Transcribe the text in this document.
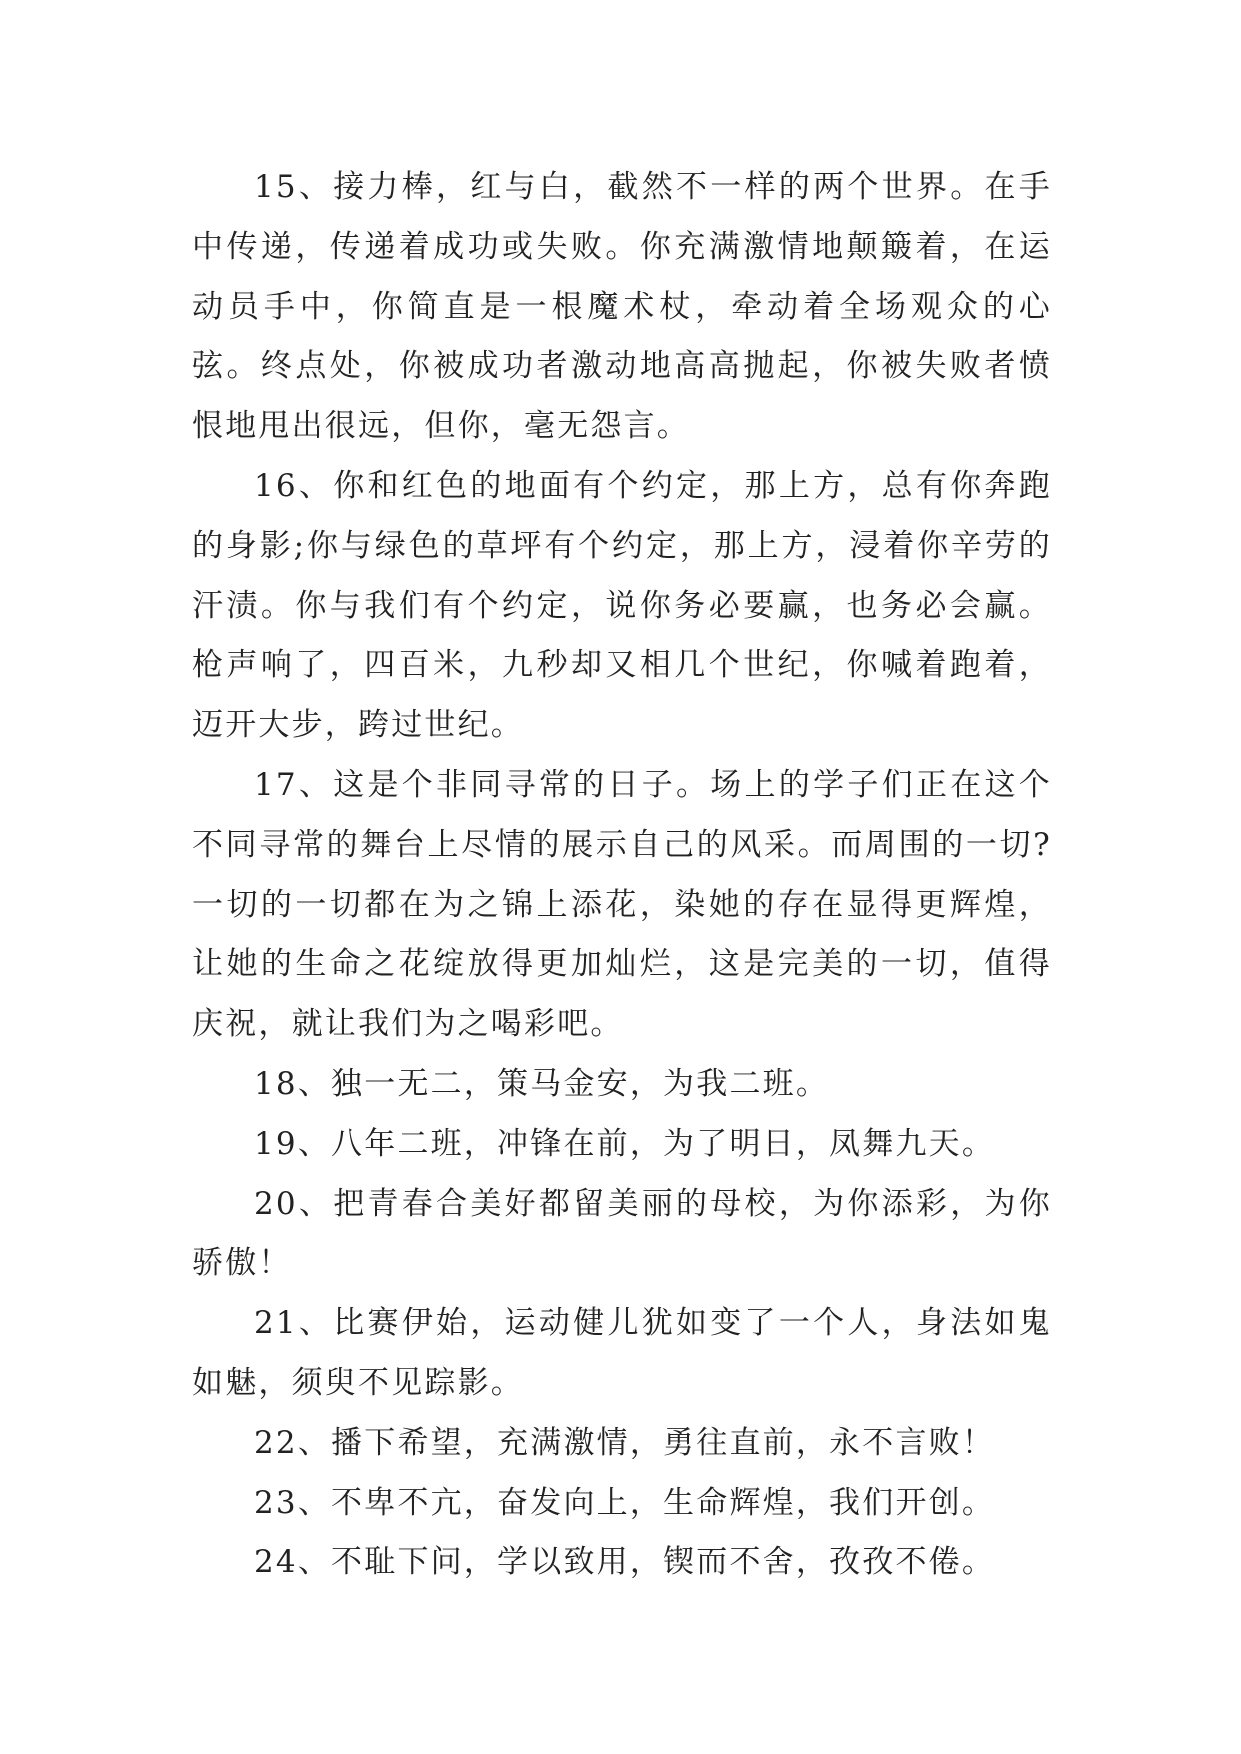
15、接力棒，红与白，截然不一样的两个世界。在手中传递，传递着成功或失败。你充满激情地颠簸着，在运动员手中，你简直是一根魔术杖，牵动着全场观众的心弦。终点处，你被成功者激动地高高抛起，你被失败者愤恨地甩出很远，但你，毫无怨言。

16、你和红色的地面有个约定，那上方，总有你奔跑的身影;你与绿色的草坪有个约定，那上方，浸着你辛劳的汗渍。你与我们有个约定，说你务必要赢，也务必会赢。枪声响了，四百米，九秒却又相几个世纪，你喊着跑着，迈开大步，跨过世纪。

17、这是个非同寻常的日子。场上的学子们正在这个不同寻常的舞台上尽情的展示自己的风采。而周围的一切?一切的一切都在为之锦上添花，染她的存在显得更辉煌，让她的生命之花绽放得更加灿烂，这是完美的一切，值得庆祝，就让我们为之喝彩吧。

18、独一无二，策马金安，为我二班。

19、八年二班，冲锋在前，为了明日，凤舞九天。

20、把青春合美好都留美丽的母校，为你添彩，为你骄傲！

21、比赛伊始，运动健儿犹如变了一个人，身法如鬼如魅，须臾不见踪影。

22、播下希望，充满激情，勇往直前，永不言败！

23、不卑不亢，奋发向上，生命辉煌，我们开创。

24、不耻下问，学以致用，锲而不舍，孜孜不倦。
